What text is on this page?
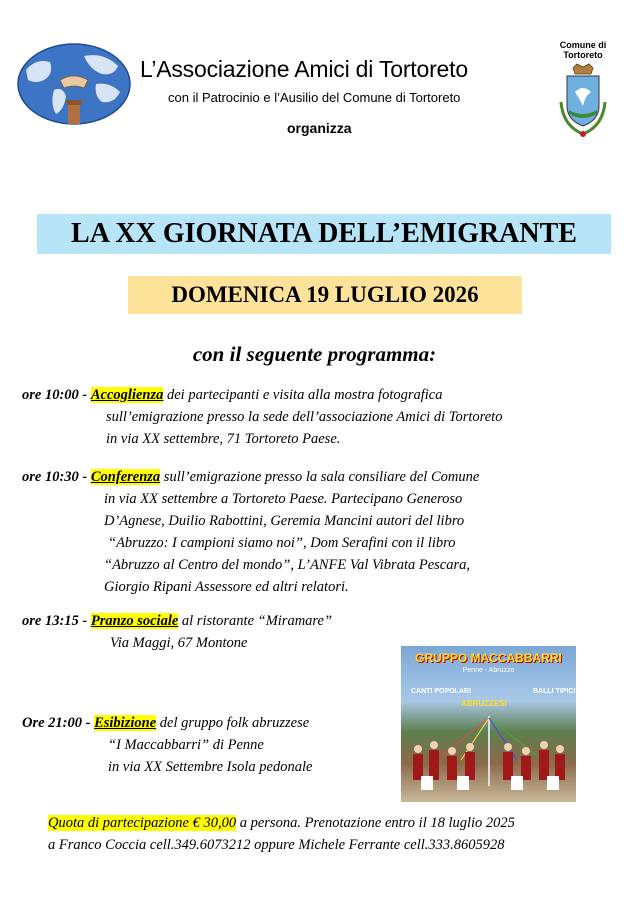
L’Associazione Amici di Tortoreto
con il Patrocinio e l’Ausilio del Comune di Tortoreto
organizza
Comune di Tortoreto
LA XX GIORNATA DELL’EMIGRANTE
DOMENICA 19 LUGLIO 2026
con il seguente programma:
ore 10:00 - Accoglienza dei partecipanti e visita alla mostra fotografica
sull’emigrazione presso la sede dell’associazione Amici di Tortoreto
in via XX settembre, 71 Tortoreto Paese.
ore 10:30 - Conferenza sull’emigrazione presso la sala consiliare del Comune
in via XX settembre a Tortoreto Paese. Partecipano Generoso
D’Agnese, Duilio Rabottini, Geremia Mancini autori del libro
“Abruzzo: I campioni siamo noi”, Dom Serafini con il libro
“Abruzzo al Centro del mondo”, L’ANFE Val Vibrata Pescara,
Giorgio Ripani Assessore ed altri relatori.
ore 13:15 - Pranzo sociale al ristorante “Miramare”
Via Maggi, 67 Montone
Ore 21:00 - Esibizione del gruppo folk abruzzese
“I Maccabbarri” di Penne
in via XX Settembre Isola pedonale
GRUPPO MACCABBARRI
Penne - Abruzzo
CANTI POPOLARI	BALLI TIPICI
ABRUZZESI
Quota di partecipazione € 30,00 a persona. Prenotazione entro il 18 luglio 2025
a Franco Coccia cell.349.6073212 oppure Michele Ferrante cell.333.8605928
